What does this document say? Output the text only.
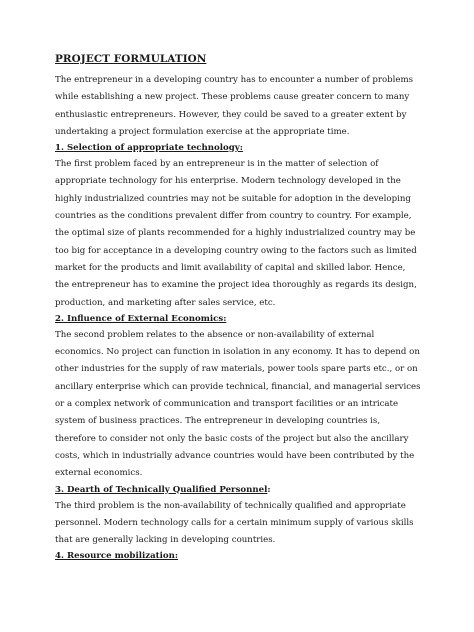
PROJECT FORMULATION

The entrepreneur in a developing country has to encounter a number of problems while establishing a new project. These problems cause greater concern to many enthusiastic entrepreneurs. However, they could be saved to a greater extent by undertaking a project formulation exercise at the appropriate time.

1. Selection of appropriate technology:

The first problem faced by an entrepreneur is in the matter of selection of appropriate technology for his enterprise. Modern technology developed in the highly industrialized countries may not be suitable for adoption in the developing countries as the conditions prevalent differ from country to country. For example, the optimal size of plants recommended for a highly industrialized country may be too big for acceptance in a developing country owing to the factors such as limited market for the products and limit availability of capital and skilled labor. Hence, the entrepreneur has to examine the project idea thoroughly as regards its design, production, and marketing after sales service, etc.

2. Influence of External Economics:

The second problem relates to the absence or non-availability of external economics. No project can function in isolation in any economy. It has to depend on other industries for the supply of raw materials, power tools spare parts etc., or on ancillary enterprise which can provide technical, financial, and managerial services or a complex network of communication and transport facilities or an intricate system of business practices. The entrepreneur in developing countries is, therefore to consider not only the basic costs of the project but also the ancillary costs, which in industrially advance countries would have been contributed by the external economics.

3. Dearth of Technically Qualified Personnel:

The third problem is the non-availability of technically qualified and appropriate personnel. Modern technology calls for a certain minimum supply of various skills that are generally lacking in developing countries.

4. Resource mobilization:
